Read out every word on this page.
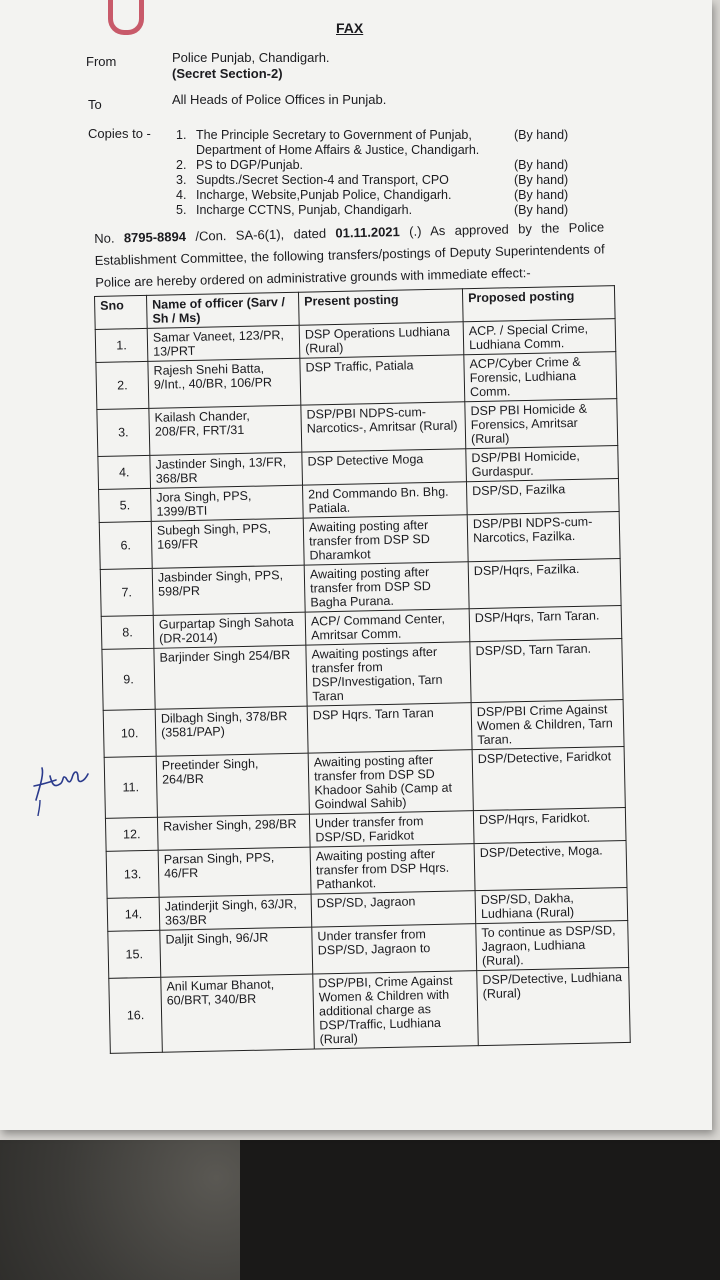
FAX
From	Police Punjab, Chandigarh.
(Secret Section-2)
To	All Heads of Police Offices in Punjab.
Copies to - 1. The Principle Secretary to Government of Punjab, Department of Home Affairs & Justice, Chandigarh.
(By hand)
2. PS to DGP/Punjab.	(By hand)
3. Supdts./Secret Section-4 and Transport, CPO	(By hand)
4. Incharge, Website,Punjab Police, Chandigarh.	(By hand)
5. Incharge CCTNS, Punjab, Chandigarh.	(By hand)
No. 8795-8894 /Con. SA-6(1), dated 01.11.2021 (.) As approved by the Police Establishment Committee, the following transfers/postings of Deputy Superintendents of Police are hereby ordered on administrative grounds with immediate effect:-
Sno	Name of officer (Sarv / Sh / Ms)	Present posting	Proposed posting
1.	Samar Vaneet, 123/PR, 13/PRT	DSP Operations Ludhiana (Rural)	ACP. / Special Crime, Ludhiana Comm.
2.	Rajesh Snehi Batta, 9/Int., 40/BR, 106/PR	DSP Traffic, Patiala	ACP/Cyber Crime & Forensic, Ludhiana Comm.
3.	Kailash Chander, 208/FR, FRT/31	DSP/PBI NDPS-cum-Narcotics-, Amritsar (Rural)	DSP PBI Homicide & Forensics, Amritsar (Rural)
4.	Jastinder Singh, 13/FR, 368/BR	DSP Detective Moga	DSP/PBI Homicide, Gurdaspur.
5.	Jora Singh, PPS, 1399/BTI	2nd Commando Bn. Bhg. Patiala.	DSP/SD, Fazilka
6.	Subegh Singh, PPS, 169/FR	Awaiting posting after transfer from DSP SD Dharamkot	DSP/PBI NDPS-cum-Narcotics, Fazilka.
7.	Jasbinder Singh, PPS, 598/PR	Awaiting posting after transfer from DSP SD Bagha Purana.	DSP/Hqrs, Fazilka.
8.	Gurpartap Singh Sahota (DR-2014)	ACP/ Command Center, Amritsar Comm.	DSP/Hqrs, Tarn Taran.
9.	Barjinder Singh 254/BR	Awaiting postings after transfer from DSP/Investigation, Tarn Taran	DSP/SD, Tarn Taran.
10.	Dilbagh Singh, 378/BR (3581/PAP)	DSP Hqrs. Tarn Taran	DSP/PBI Crime Against Women & Children, Tarn Taran.
11.	Preetinder Singh, 264/BR	Awaiting posting after transfer from DSP SD Khadoor Sahib (Camp at Goindwal Sahib)	DSP/Detective, Faridkot
12.	Ravisher Singh, 298/BR	Under transfer from DSP/SD, Faridkot	DSP/Hqrs, Faridkot.
13.	Parsan Singh, PPS, 46/FR	Awaiting posting after transfer from DSP Hqrs. Pathankot.	DSP/Detective, Moga.
14.	Jatinderjit Singh, 63/JR, 363/BR	DSP/SD, Jagraon	DSP/SD, Dakha, Ludhiana (Rural)
15.	Daljit Singh, 96/JR	Under transfer from DSP/SD, Jagraon to	To continue as DSP/SD, Jagraon, Ludhiana (Rural).
16.	Anil Kumar Bhanot, 60/BRT, 340/BR	DSP/PBI, Crime Against Women & Children with additional charge as DSP/Traffic, Ludhiana (Rural)	DSP/Detective, Ludhiana (Rural)
